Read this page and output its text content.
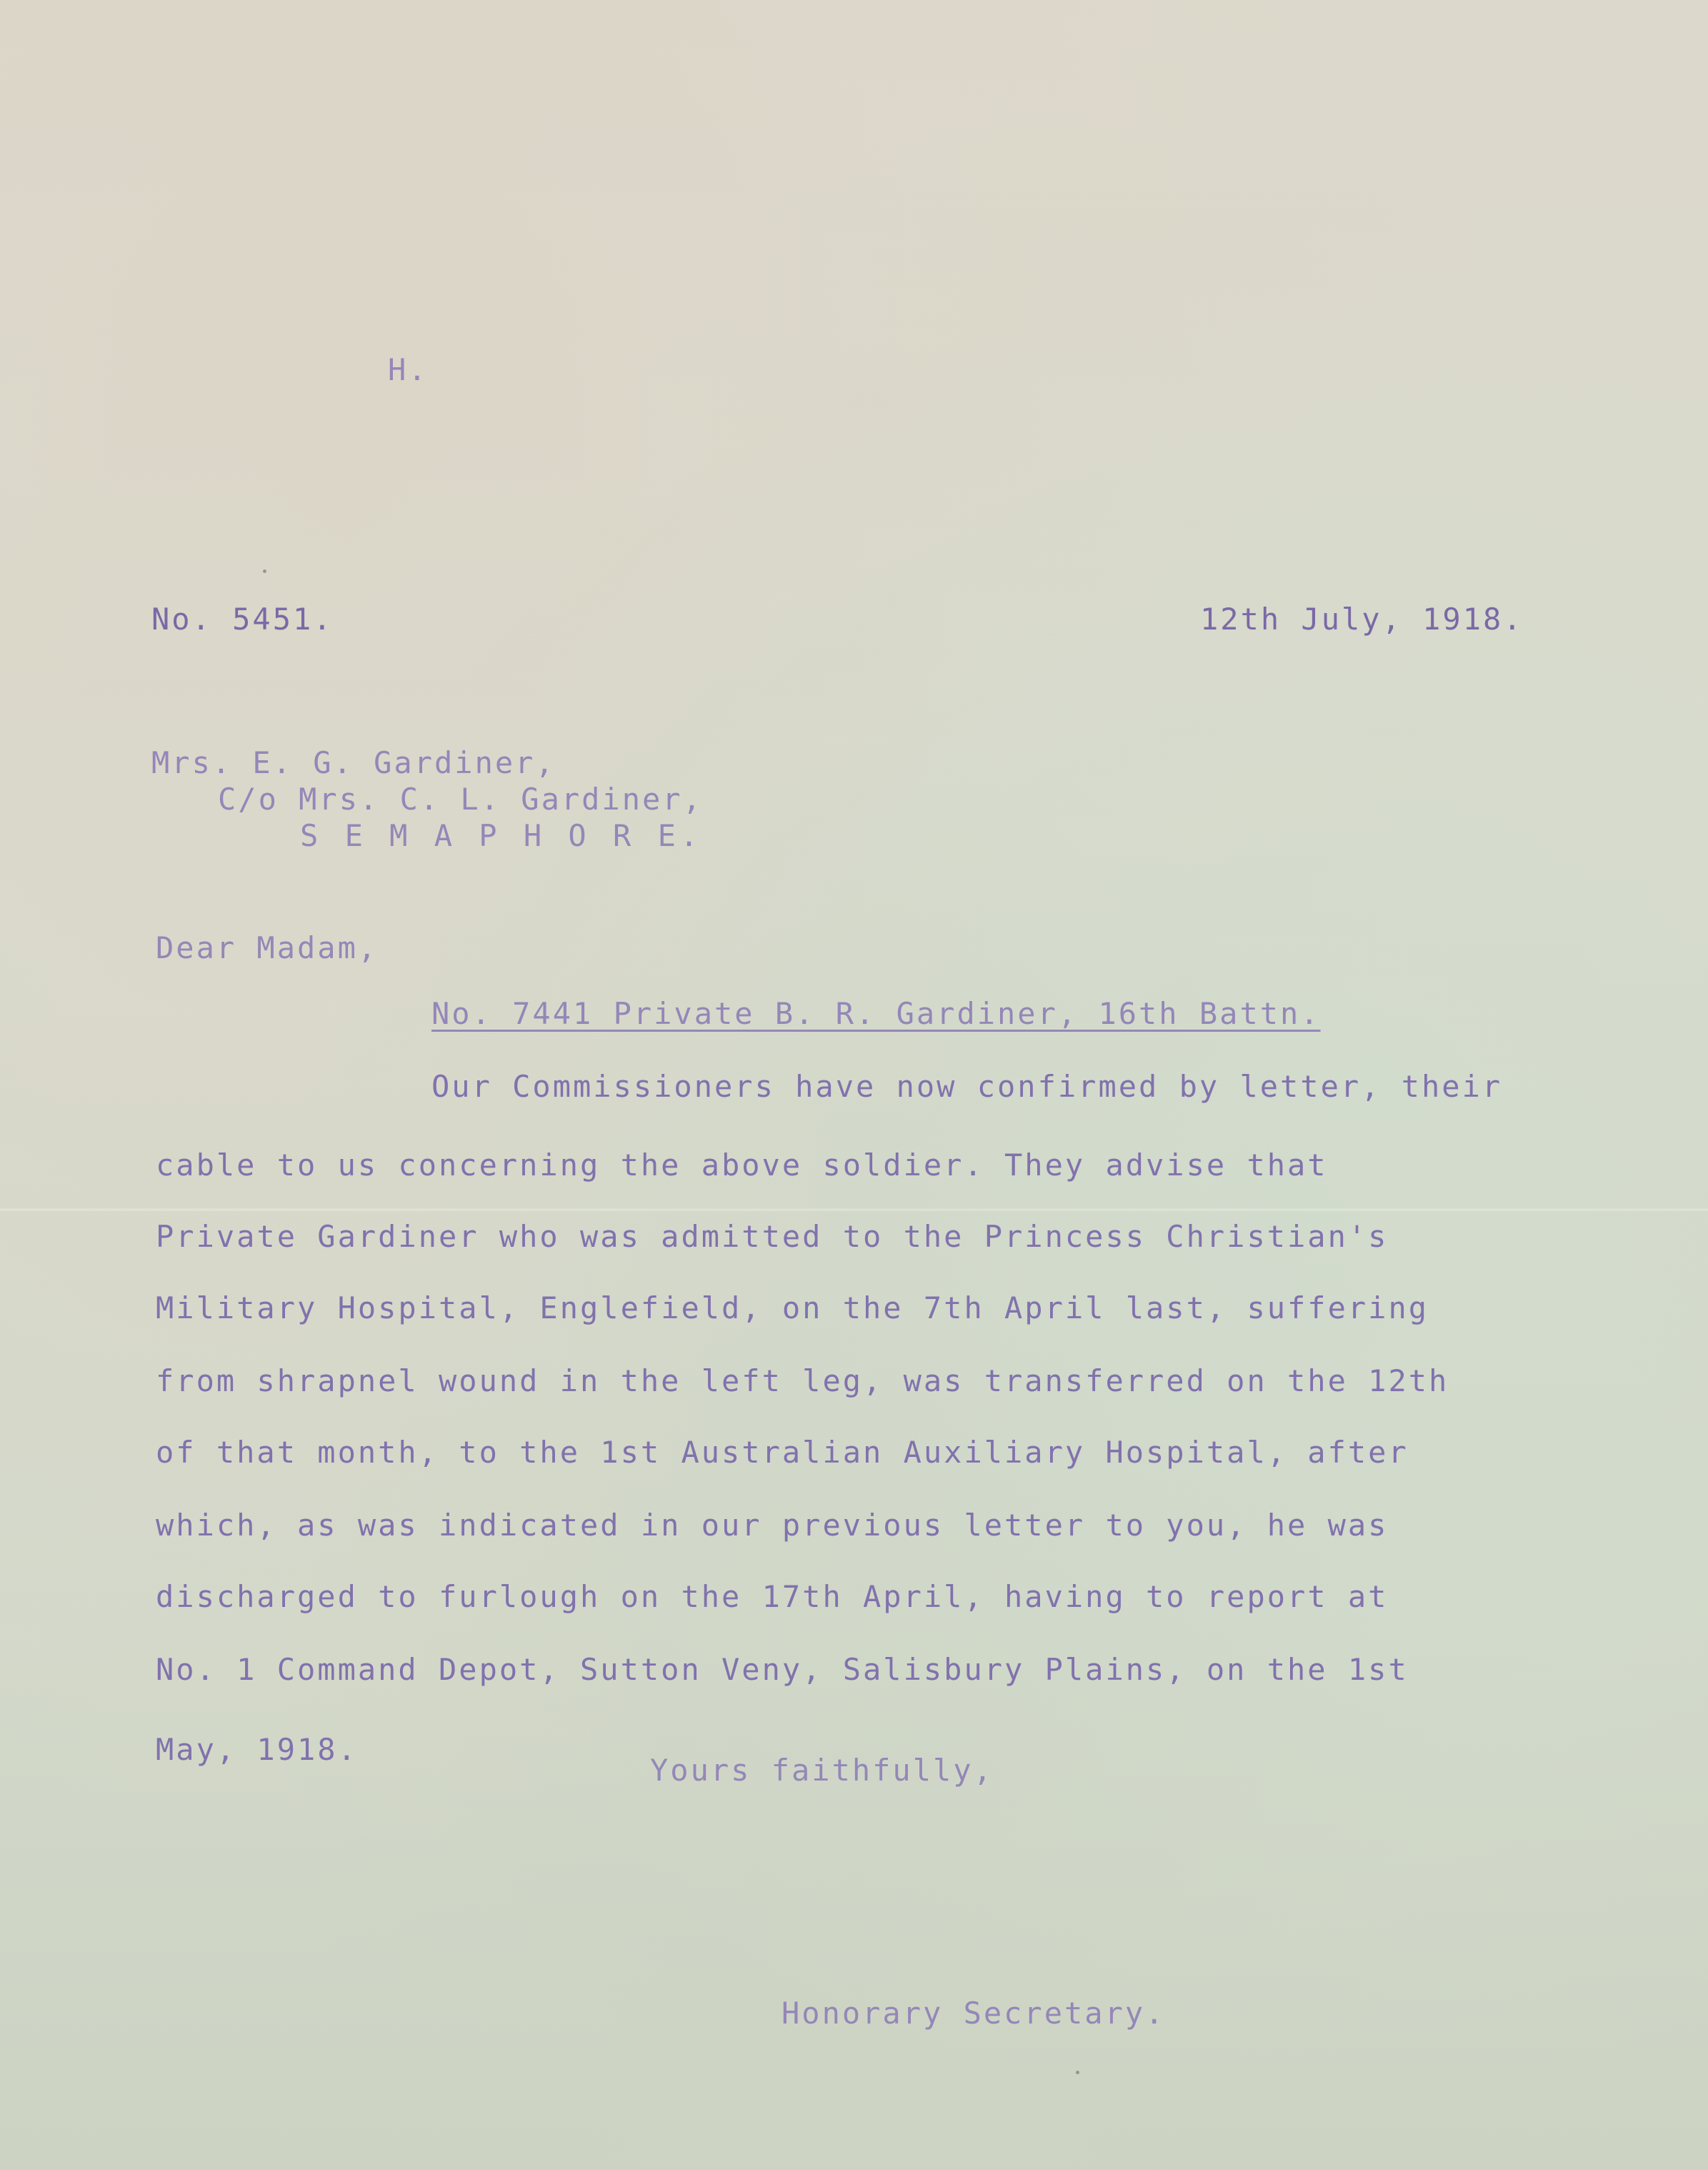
H.
No. 5451.	12th July, 1918.
Mrs. E. G. Gardiner,
C/o Mrs. C. L. Gardiner,
S E M A P H O R E.
Dear Madam,
No. 7441 Private B. R. Gardiner, 16th Battn.
Our Commissioners have now confirmed by letter, their
cable to us concerning the above soldier. They advise that
Private Gardiner who was admitted to the Princess Christian's
Military Hospital, Englefield, on the 7th April last, suffering
from shrapnel wound in the left leg, was transferred on the 12th
of that month, to the 1st Australian Auxiliary Hospital, after
which, as was indicated in our previous letter to you, he was
discharged to furlough on the 17th April, having to report at
No. 1 Command Depot, Sutton Veny, Salisbury Plains, on the 1st
May, 1918.
Yours faithfully,
Honorary Secretary.
